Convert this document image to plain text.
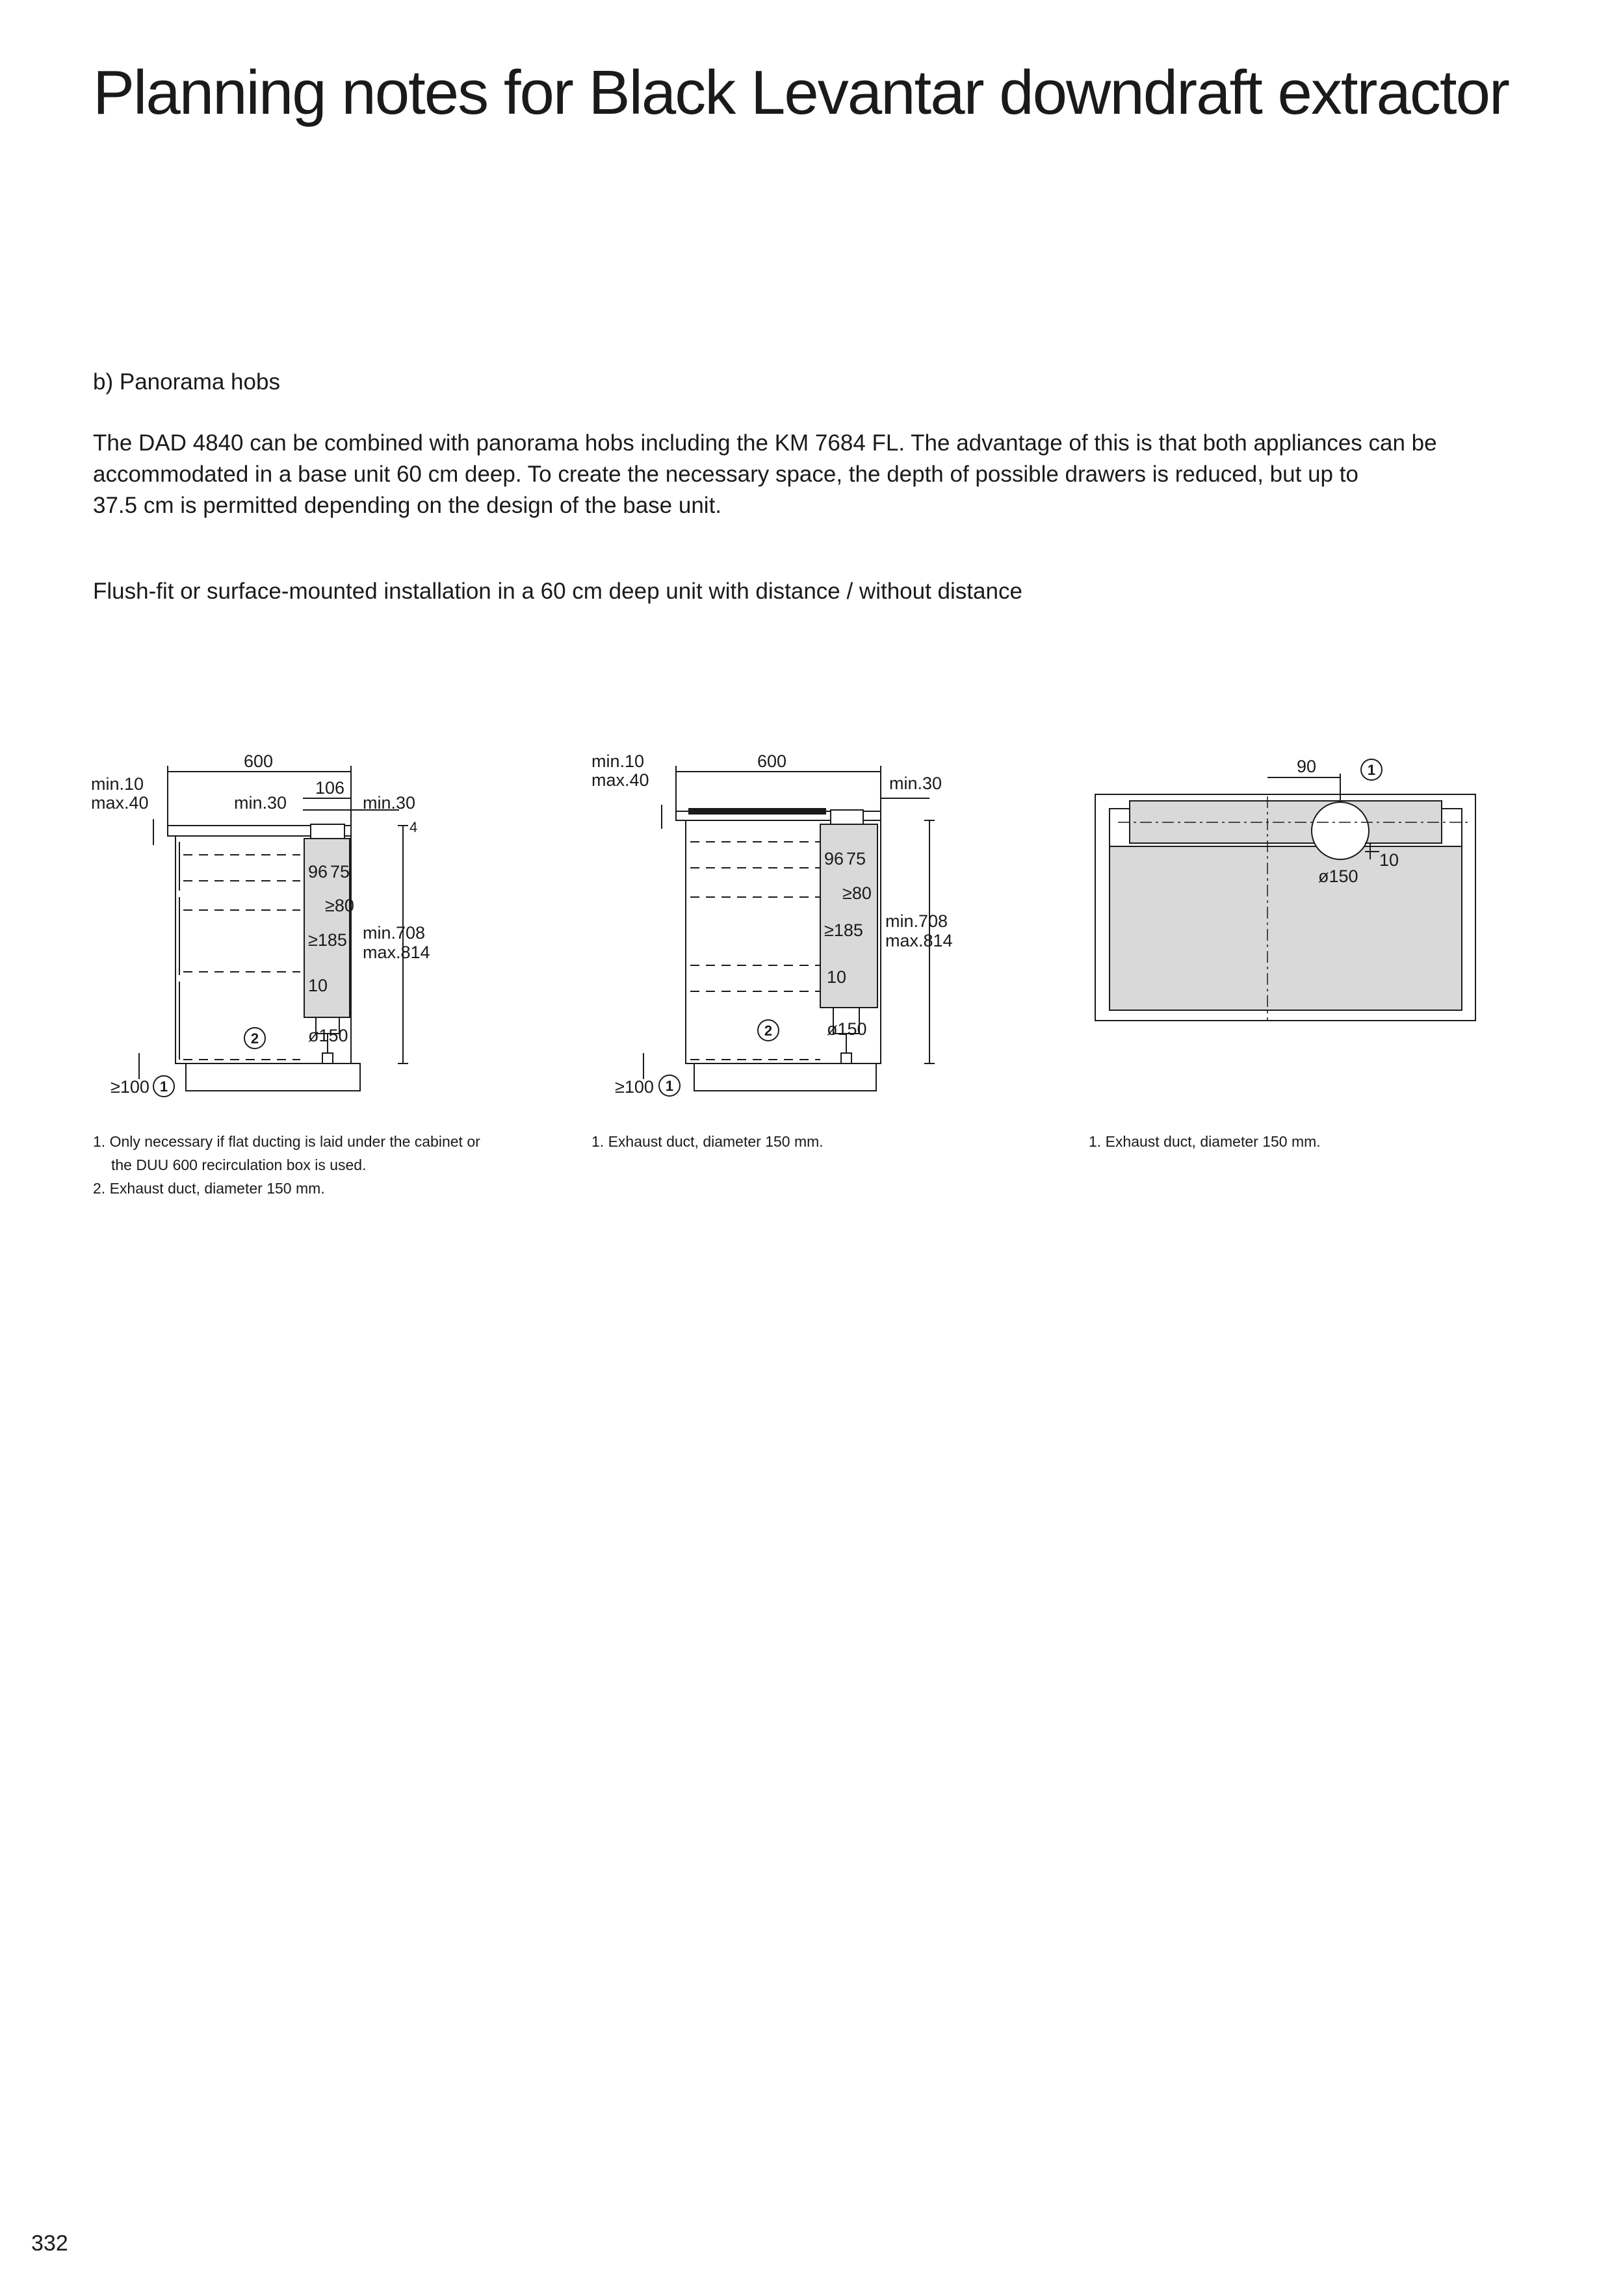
Planning notes for Black Levantar downdraft extractor
b) Panorama hobs
The DAD 4840 can be combined with panorama hobs including the KM 7684 FL. The advantage of this is that both appliances can be
accommodated in a base unit 60 cm deep. To create the necessary space, the depth of possible drawers is reduced, but up to
37.5 cm is permitted depending on the design of the base unit.
Flush-fit or surface-mounted installation in a 60 cm deep unit with distance / without distance
600
min.10
max.40
106
min.30	min.30
4
96 75
≥80
≥185 min.708
max.814
10
ø150
≥100
2
1
1. Only necessary if flat ducting is laid under the cabinet or
the DUU 600 recirculation box is used.
2. Exhaust duct, diameter 150 mm.
600
min.10
max.40	min.30
96 75
≥80
≥185 min.708
max.814
10
ø150
≥100
2
1
1. Exhaust duct, diameter 150 mm.
90
10
ø150
1
1. Exhaust duct, diameter 150 mm.
332
